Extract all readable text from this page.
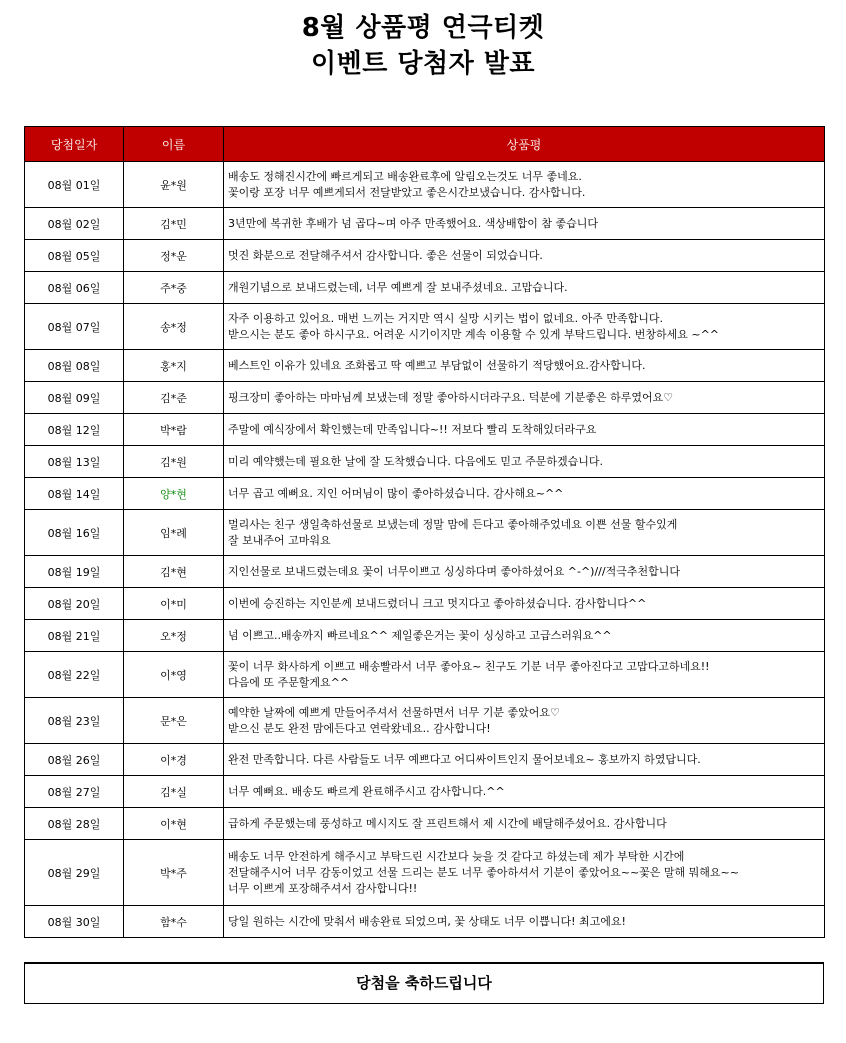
8월 상품평 연극티켓
이벤트 당첨자 발표
당첨일자	이름	상품평
08월 01일	윤*원	배송도 정해진시간에 빠르게되고 배송완료후에 알림오는것도 너무 좋네요.
꽃이랑 포장 너무 예쁘게되서 전달받았고 좋은시간보냈습니다. 감사합니다.
08월 02일	김*민	3년만에 복귀한 후배가 넘 곱다~며 아주 만족했어요. 색상배합이 참 좋습니다
08월 05일	정*운	멋진 화분으로 전달해주셔서 감사합니다. 좋은 선물이 되었습니다.
08월 06일	주*중	개원기념으로 보내드렸는데, 너무 예쁘게 잘 보내주셨네요. 고맙습니다.
08월 07일	송*정	자주 이용하고 있어요. 매번 느끼는 거지만 역시 실망 시키는 법이 없네요. 아주 만족합니다.
받으시는 분도 좋아 하시구요. 어려운 시기이지만 계속 이용할 수 있게 부탁드립니다. 번창하세요 ~^^
08월 08일	홍*지	베스트인 이유가 있네요 조화롭고 딱 예쁘고 부담없이 선물하기 적당했어요.감사합니다.
08월 09일	김*준	핑크장미 좋아하는 마마님께 보냈는데 정말 좋아하시더라구요. 덕분에 기분좋은 하루였어요♡
08월 12일	박*람	주말에 예식장에서 확인했는데 만족입니다~!! 저보다 빨리 도착해있더라구요
08월 13일	김*원	미리 예약했는데 필요한 날에 잘 도착했습니다. 다음에도 믿고 주문하겠습니다.
08월 14일	양*현	너무 곱고 예뻐요. 지인 어머님이 많이 좋아하셨습니다. 감사해요~^^
08월 16일	임*례	멀리사는 친구 생일축하선물로 보냈는데 정말 맘에 든다고 좋아해주었네요 이쁜 선물 할수있게
잘 보내주어 고마워요
08월 19일	김*현	지인선물로 보내드렸는데요 꽃이 너무이쁘고 싱싱하다며 좋아하셨어요 ^-^)///적극추천합니다
08월 20일	이*미	이번에 승진하는 지인분께 보내드렸더니 크고 멋지다고 좋아하셨습니다. 감사합니다^^
08월 21일	오*정	넘 이쁘고..배송까지 빠르네요^^ 제일좋은거는 꽃이 싱싱하고 고급스러워요^^
08월 22일	이*영	꽃이 너무 화사하게 이쁘고 배송빨라서 너무 좋아요~ 친구도 기분 너무 좋아진다고 고맙다고하네요!!
다음에 또 주문할게요^^
08월 23일	문*은	예약한 날짜에 예쁘게 만들어주셔서 선물하면서 너무 기분 좋았어요♡
받으신 분도 완전 맘에든다고 연락왔네요.. 감사합니다!
08월 26일	이*경	완전 만족합니다. 다른 사람들도 너무 예쁘다고 어디싸이트인지 물어보네요~ 홍보까지 하였답니다.
08월 27일	김*실	너무 예뻐요. 배송도 빠르게 완료해주시고 감사합니다.^^
08월 28일	이*현	급하게 주문했는데 풍성하고 메시지도 잘 프린트해서 제 시간에 배달해주셨어요. 감사합니다
08월 29일	박*주	배송도 너무 안전하게 해주시고 부탁드린 시간보다 늦을 것 같다고 하셨는데 제가 부탁한 시간에
전달해주시어 너무 감동이었고 선물 드리는 분도 너무 좋아하셔서 기분이 좋았어요~~꽃은 말해 뭐해요~~
너무 이쁘게 포장해주셔서 감사합니다!!
08월 30일	함*수	당일 원하는 시간에 맞춰서 배송완료 되었으며, 꽃 상태도 너무 이쁩니다! 최고에요!
당첨을 축하드립니다
